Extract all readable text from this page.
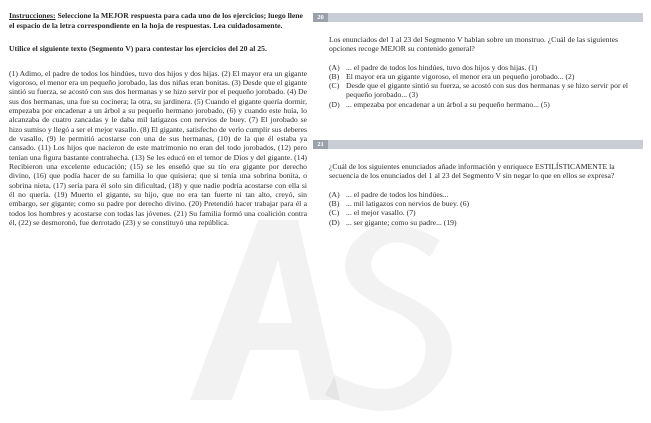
Instrucciones: Seleccione la MEJOR respuesta para cada uno de los ejercicios; luego llene el espacio de la letra correspondiente en la hoja de respuestas. Lea cuidadosamente.
Utilice el siguiente texto (Segmento V) para contestar los ejercicios del 20 al 25.
(1) Adimo, el padre de todos los hindúes, tuvo dos hijos y dos hijas. (2) El mayor era un gigante vigoroso, el menor era un pequeño jorobado, las dos niñas eran bonitas. (3) Desde que el gigante sintió su fuerza, se acostó con sus dos hermanas y se hizo servir por el pequeño jorobado. (4) De sus dos hermanas, una fue su cocinera; la otra, su jardinera. (5) Cuando el gigante quería dormir, empezaba por encadenar a un árbol a su pequeño hermano jorobado, (6) y cuando este huía, lo alcanzaba de cuatro zancadas y le daba mil latigazos con nervios de buey. (7) El jorobado se hizo sumiso y llegó a ser el mejor vasallo. (8) El gigante, satisfecho de verlo cumplir sus deberes de vasallo, (9) le permitió acostarse con una de sus hermanas, (10) de la que él estaba ya cansado. (11) Los hijos que nacieron de este matrimonio no eran del todo jorobados, (12) pero tenían una figura bastante contrahecha. (13) Se les educó en el temor de Dios y del gigante. (14) Recibieron una excelente educación; (15) se les enseñó que su tío era gigante por derecho divino, (16) que podía hacer de su familia lo que quisiera; que si tenía una sobrina bonita, o sobrina nieta, (17) sería para él solo sin dificultad, (18) y que nadie podría acostarse con ella si él no quería. (19) Muerto el gigante, su hijo, que no era tan fuerte ni tan alto, creyó, sin embargo, ser gigante; como su padre por derecho divino. (20) Pretendió hacer trabajar para él a todos los hombres y acostarse con todas las jóvenes. (21) Su familia formó una coalición contra él, (22) se desmoronó, fue derrotado (23) y se constituyó una república.
20
Los enunciados del 1 al 23 del Segmento V hablan sobre un monstruo. ¿Cuál de las siguientes opciones recoge MEJOR su contenido general?
(A) ... el padre de todos los hindúes, tuvo dos hijos y dos hijas. (1)
(B) El mayor era un gigante vigoroso, el menor era un pequeño jorobado... (2)
(C) Desde que el gigante sintió su fuerza, se acostó con sus dos hermanas y se hizo servir por el pequeño jorobado... (3)
(D) ... empezaba por encadenar a un árbol a su pequeño hermano... (5)
21
¿Cuál de los siguientes enunciados añade información y enriquece ESTILÍSTICAMENTE la secuencia de los enunciados del 1 al 23 del Segmento V sin negar lo que en ellos se expresa?
(A) ... el padre de todos los hindúes...
(B) ... mil latigazos con nervios de buey. (6)
(C) ... el mejor vasallo. (7)
(D) ... ser gigante; como su padre... (19)
